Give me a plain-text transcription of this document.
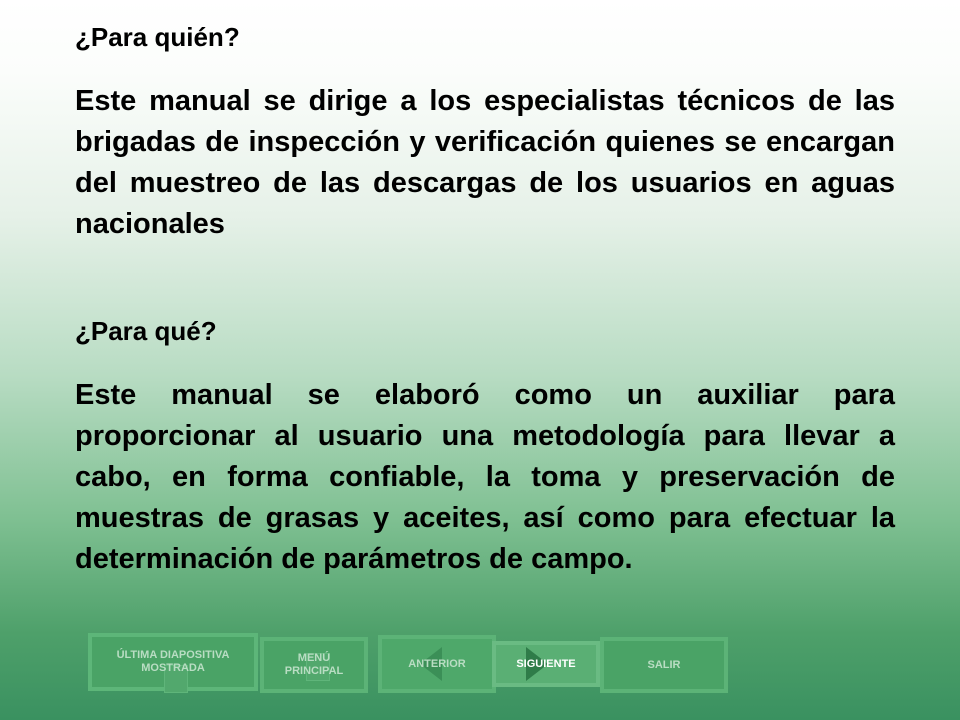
¿Para quién?

Este manual se dirige a los especialistas técnicos de las brigadas de inspección y verificación quienes se encargan del muestreo de las descargas de los usuarios en aguas nacionales

¿Para qué?

Este manual se elaboró como un auxiliar para proporcionar al usuario una metodología para llevar a cabo, en forma confiable, la toma y preservación de muestras de grasas y aceites, así como para efectuar la determinación de parámetros de campo.

ÚLTIMA DIAPOSITIVA MOSTRADA
MENÚ PRINCIPAL
ANTERIOR	SIGUIENTE	SALIR
